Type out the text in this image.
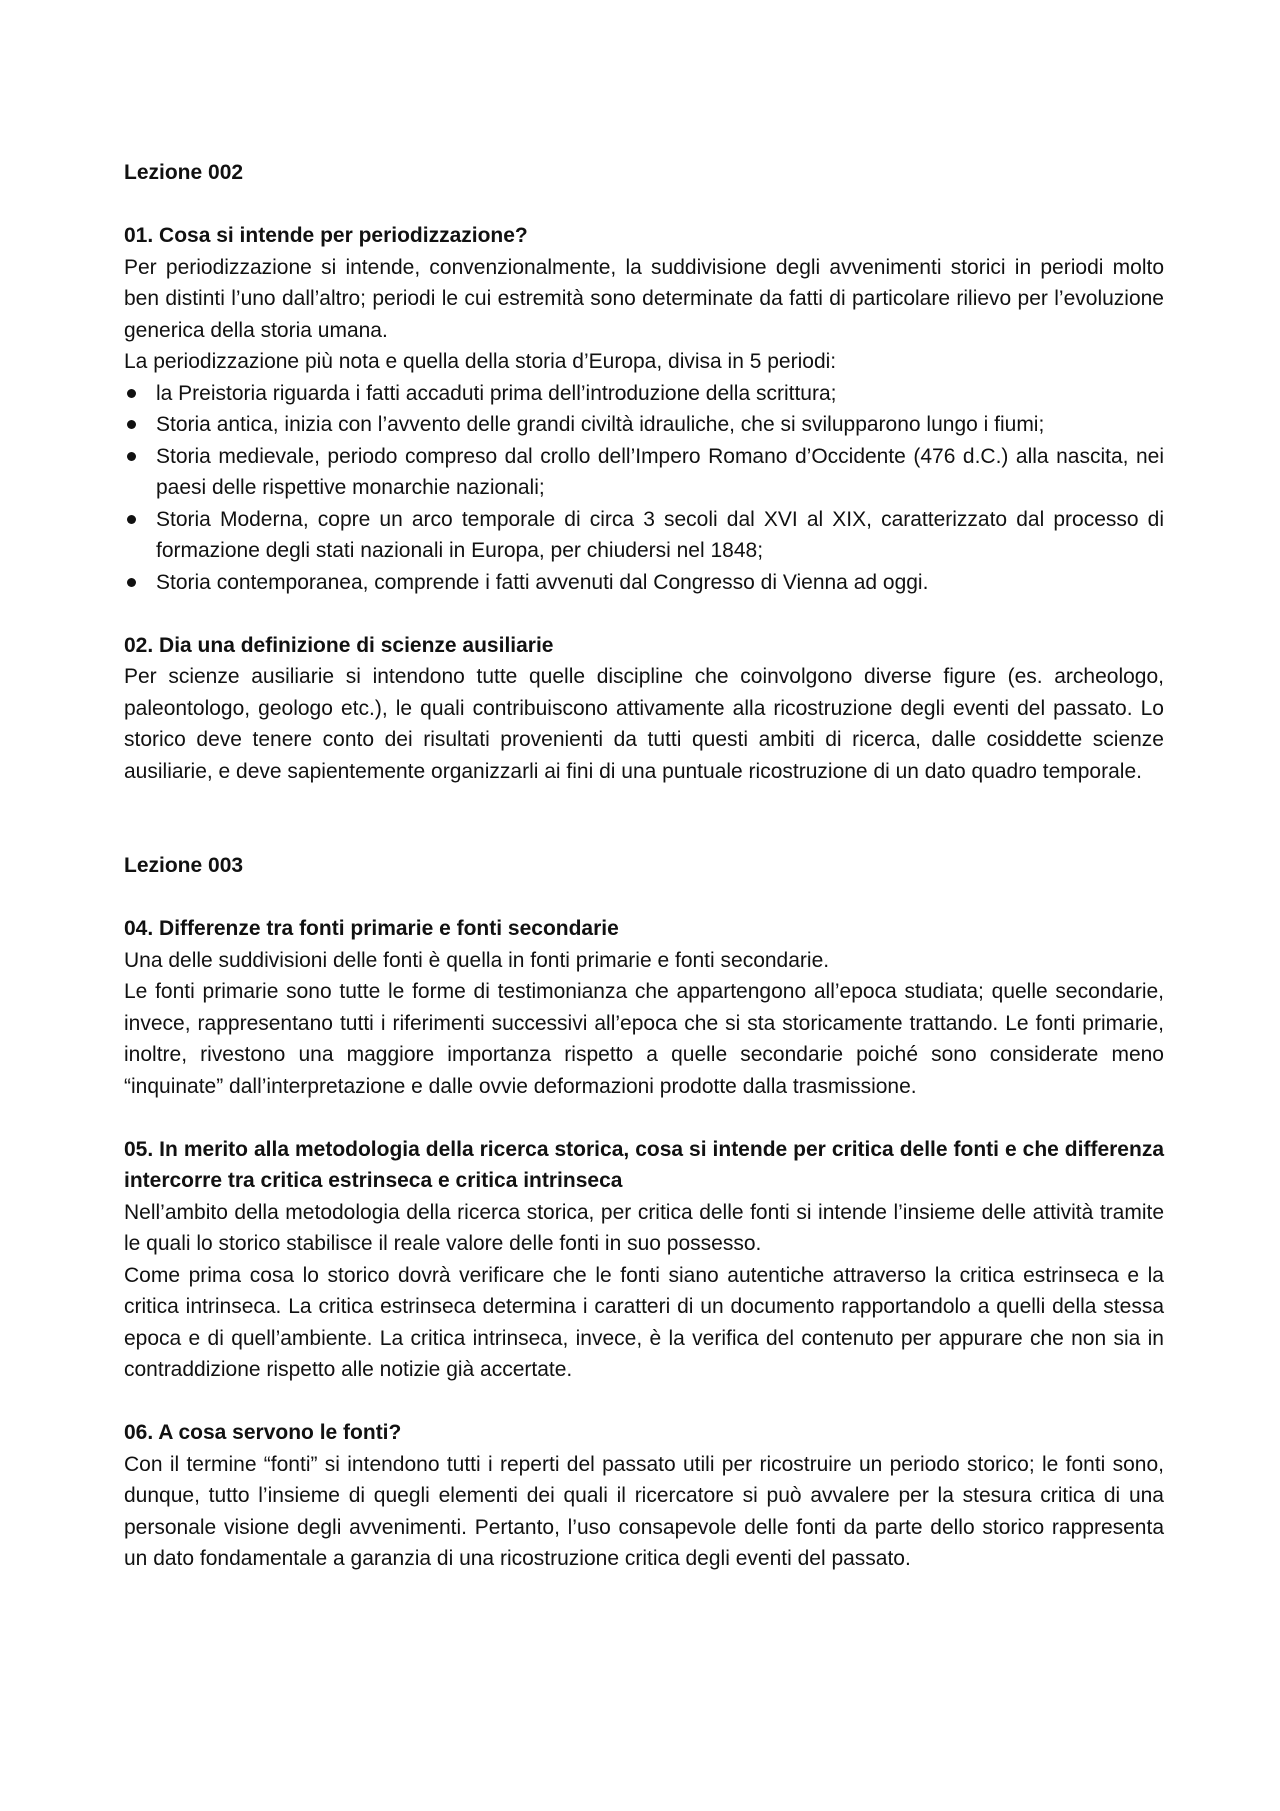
Lezione 002
01. Cosa si intende per periodizzazione?

Per periodizzazione si intende, convenzionalmente, la suddivisione degli avvenimenti storici in periodi molto ben distinti l’uno dall’altro; periodi le cui estremità sono determinate da fatti di particolare rilievo per l’evoluzione generica della storia umana.

La periodizzazione più nota e quella della storia d’Europa, divisa in 5 periodi:

la Preistoria riguarda i fatti accaduti prima dell’introduzione della scrittura;
Storia antica, inizia con l’avvento delle grandi civiltà idrauliche, che si svilupparono lungo i fiumi;
Storia medievale, periodo compreso dal crollo dell’Impero Romano d’Occidente (476 d.C.) alla nascita, nei paesi delle rispettive monarchie nazionali;
Storia Moderna, copre un arco temporale di circa 3 secoli dal XVI al XIX, caratterizzato dal processo di formazione degli stati nazionali in Europa, per chiudersi nel 1848;
Storia contemporanea, comprende i fatti avvenuti dal Congresso di Vienna ad oggi.
02. Dia una definizione di scienze ausiliarie

Per scienze ausiliarie si intendono tutte quelle discipline che coinvolgono diverse figure (es. archeologo, paleontologo, geologo etc.), le quali contribuiscono attivamente alla ricostruzione degli eventi del passato. Lo storico deve tenere conto dei risultati provenienti da tutti questi ambiti di ricerca, dalle cosiddette scienze ausiliarie, e deve sapientemente organizzarli ai fini di una puntuale ricostruzione di un dato quadro temporale.

Lezione 003
04. Differenze tra fonti primarie e fonti secondarie

Una delle suddivisioni delle fonti è quella in fonti primarie e fonti secondarie.

Le fonti primarie sono tutte le forme di testimonianza che appartengono all’epoca studiata; quelle secondarie, invece, rappresentano tutti i riferimenti successivi all’epoca che si sta storicamente trattando. Le fonti primarie, inoltre, rivestono una maggiore importanza rispetto a quelle secondarie poiché sono considerate meno “inquinate” dall’interpretazione e dalle ovvie deformazioni prodotte dalla trasmissione.

05. In merito alla metodologia della ricerca storica, cosa si intende per critica delle fonti e che differenza intercorre tra critica estrinseca e critica intrinseca

Nell’ambito della metodologia della ricerca storica, per critica delle fonti si intende l’insieme delle attività tramite le quali lo storico stabilisce il reale valore delle fonti in suo possesso.

Come prima cosa lo storico dovrà verificare che le fonti siano autentiche attraverso la critica estrinseca e la critica intrinseca. La critica estrinseca determina i caratteri di un documento rapportandolo a quelli della stessa epoca e di quell’ambiente. La critica intrinseca, invece, è la verifica del contenuto per appurare che non sia in contraddizione rispetto alle notizie già accertate.

06. A cosa servono le fonti?

Con il termine “fonti” si intendono tutti i reperti del passato utili per ricostruire un periodo storico; le fonti sono, dunque, tutto l’insieme di quegli elementi dei quali il ricercatore si può avvalere per la stesura critica di una personale visione degli avvenimenti. Pertanto, l’uso consapevole delle fonti da parte dello storico rappresenta un dato fondamentale a garanzia di una ricostruzione critica degli eventi del passato.
